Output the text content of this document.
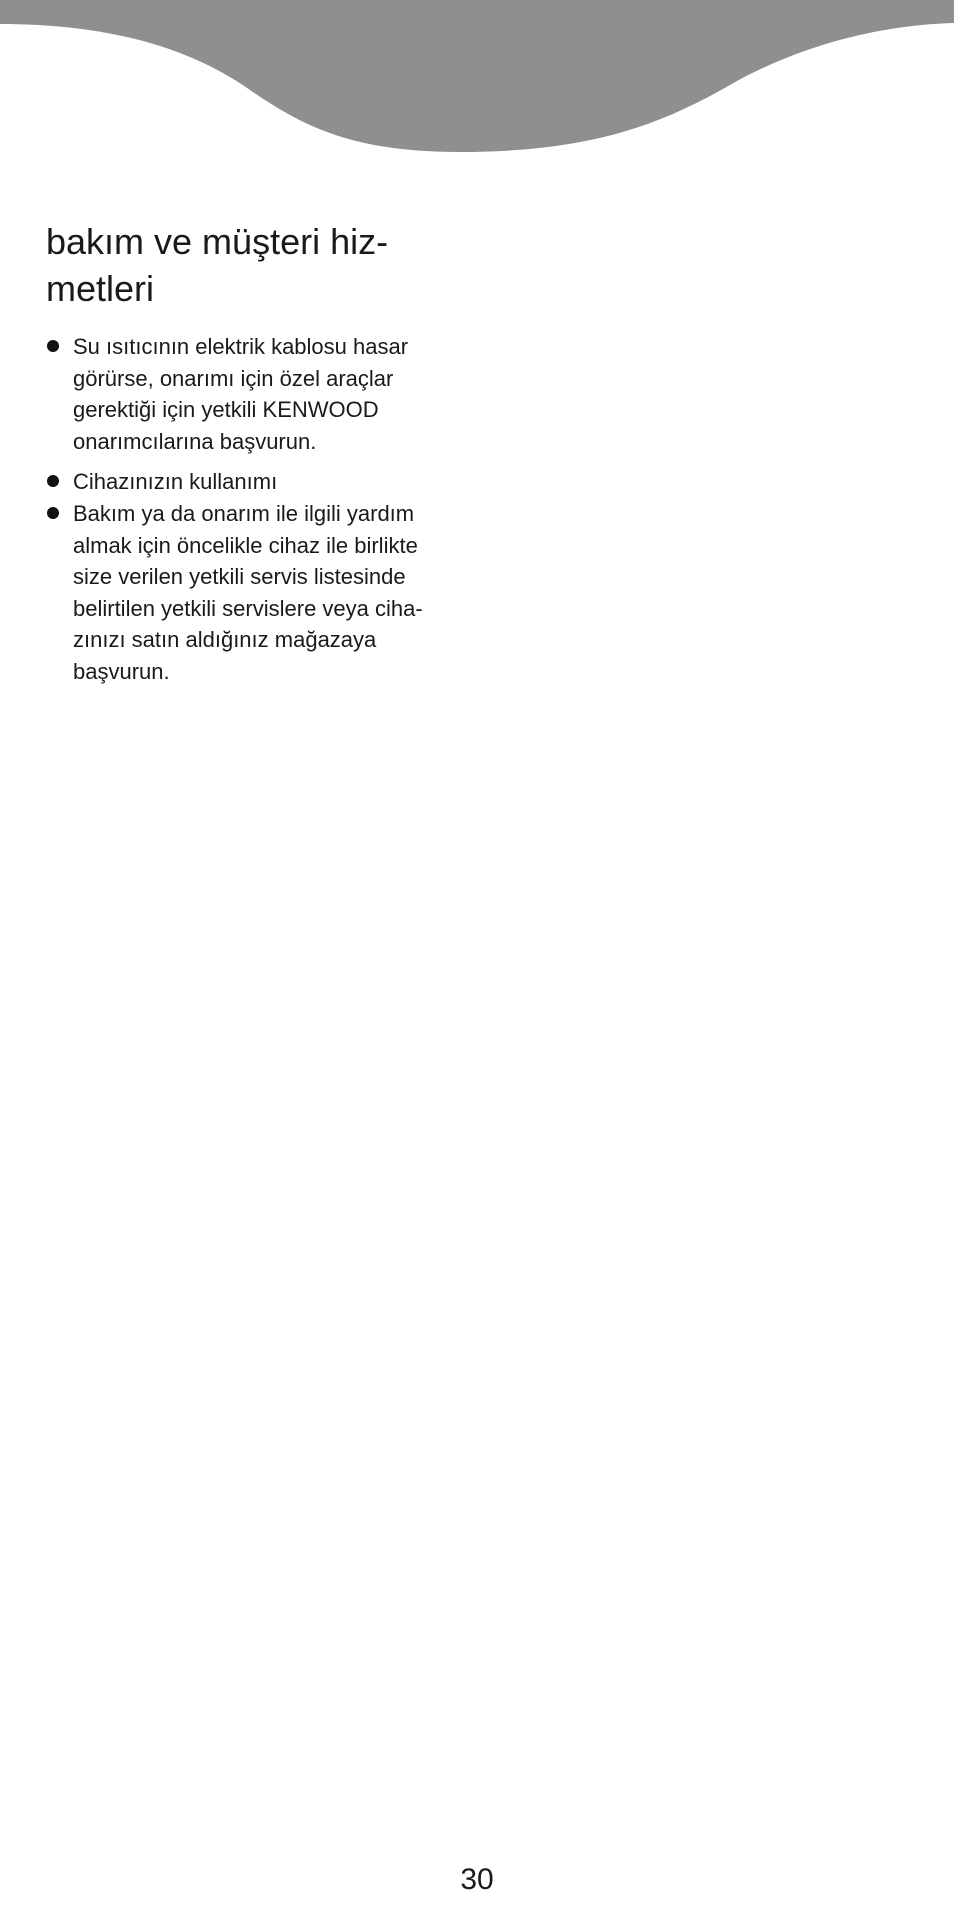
bakım ve müşteri hiz-
metleri
Su ısıtıcının elektrik kablosu hasar
görürse, onarımı için özel araçlar
gerektiği için yetkili KENWOOD
onarımcılarına başvurun.
Cihazınızın kullanımı
Bakım ya da onarım ile ilgili yardım
almak için öncelikle cihaz ile birlikte
size verilen yetkili servis listesinde
belirtilen yetkili servislere veya ciha-
zınızı satın aldığınız mağazaya
başvurun.
30
